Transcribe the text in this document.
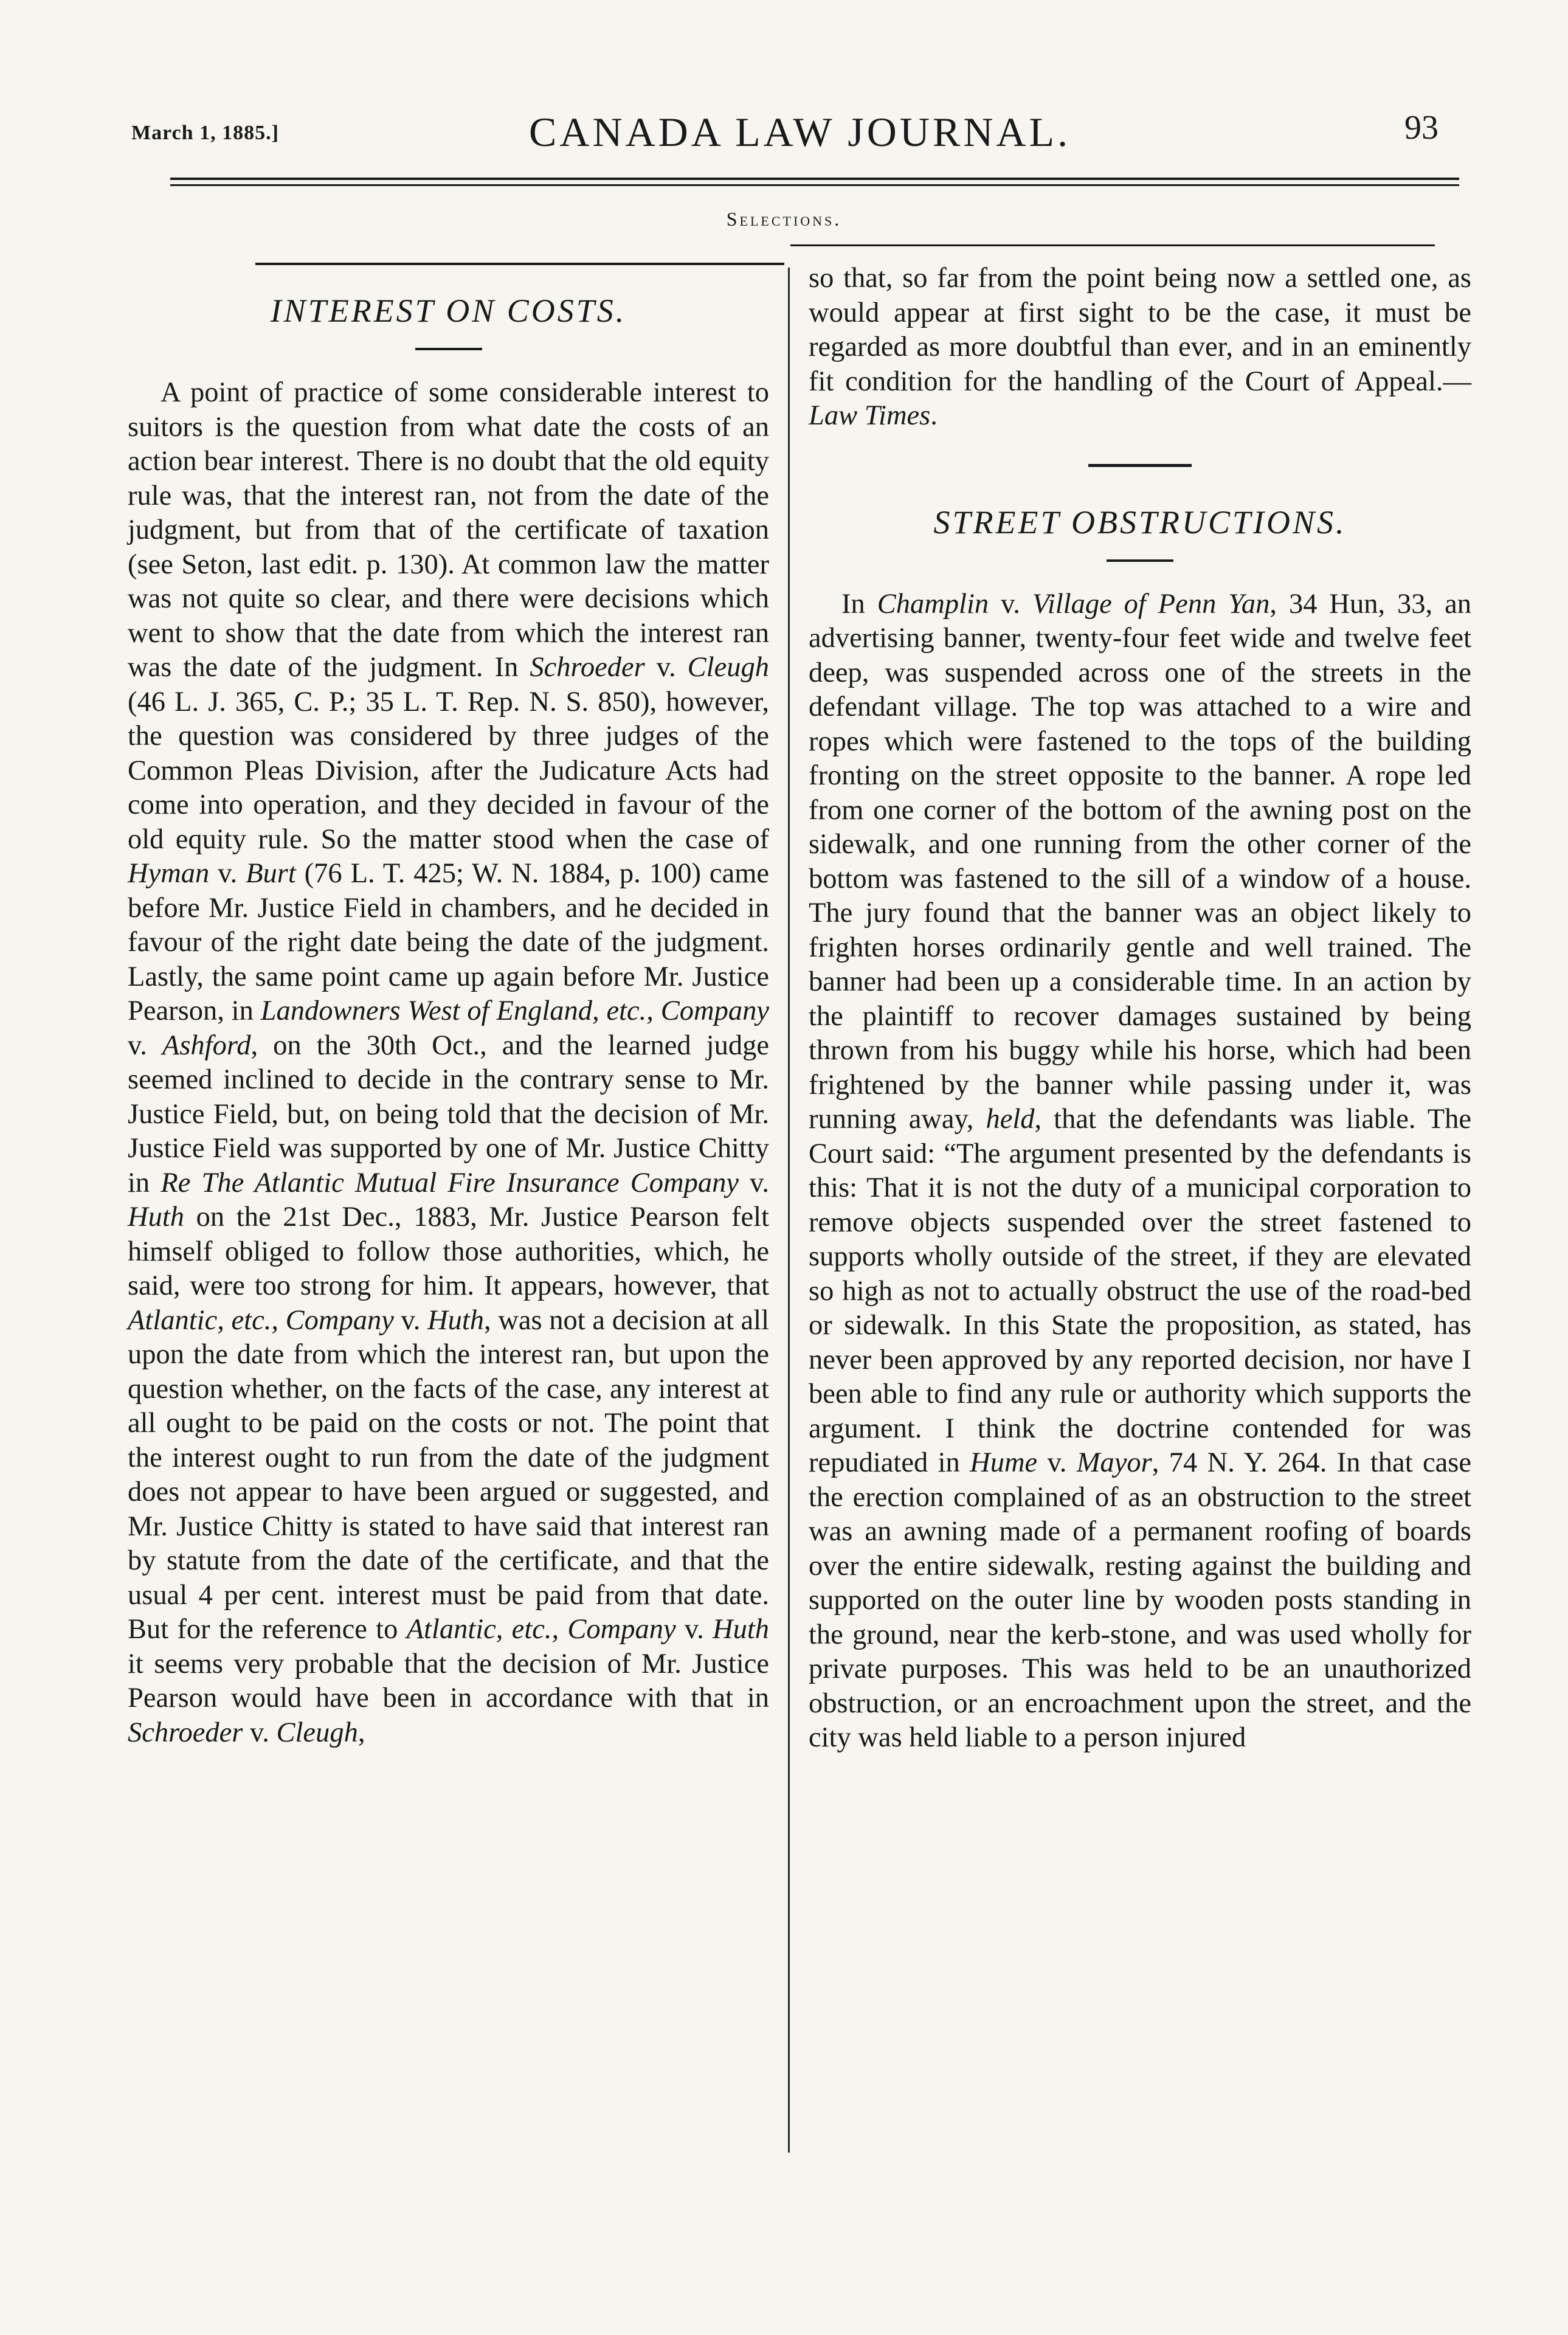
March 1, 1885.]	CANADA LAW JOURNAL.	93
Selections.
INTEREST ON COSTS.

A point of practice of some considerable interest to suitors is the question from what date the costs of an action bear interest. There is no doubt that the old equity rule was, that the interest ran, not from the date of the judgment, but from that of the certificate of taxation (see Seton, last edit. p. 130). At common law the matter was not quite so clear, and there were decisions which went to show that the date from which the interest ran was the date of the judgment. In Schroeder v. Cleugh (46 L. J. 365, C. P.; 35 L. T. Rep. N. S. 850), however, the question was considered by three judges of the Common Pleas Division, after the Judicature Acts had come into operation, and they decided in favour of the old equity rule. So the matter stood when the case of Hyman v. Burt (76 L. T. 425; W. N. 1884, p. 100) came before Mr. Justice Field in chambers, and he decided in favour of the right date being the date of the judgment. Lastly, the same point came up again before Mr. Justice Pearson, in Landowners West of England, etc., Company v. Ashford, on the 30th Oct., and the learned judge seemed inclined to decide in the contrary sense to Mr. Justice Field, but, on being told that the decision of Mr. Justice Field was supported by one of Mr. Justice Chitty in Re The Atlantic Mutual Fire Insurance Company v. Huth on the 21st Dec., 1883, Mr. Justice Pearson felt himself obliged to follow those authorities, which, he said, were too strong for him. It appears, however, that Atlantic, etc., Company v. Huth, was not a decision at all upon the date from which the interest ran, but upon the question whether, on the facts of the case, any interest at all ought to be paid on the costs or not. The point that the interest ought to run from the date of the judgment does not appear to have been argued or suggested, and Mr. Justice Chitty is stated to have said that interest ran by statute from the date of the certificate, and that the usual 4 per cent. interest must be paid from that date. But for the reference to Atlantic, etc., Company v. Huth it seems very probable that the decision of Mr. Justice Pearson would have been in accordance with that in Schroeder v. Cleugh,

so that, so far from the point being now a settled one, as would appear at first sight to be the case, it must be regarded as more doubtful than ever, and in an eminently fit condition for the handling of the Court of Appeal.—Law Times.

STREET OBSTRUCTIONS.

In Champlin v. Village of Penn Yan, 34 Hun, 33, an advertising banner, twenty-four feet wide and twelve feet deep, was suspended across one of the streets in the defendant village. The top was attached to a wire and ropes which were fastened to the tops of the building fronting on the street opposite to the banner. A rope led from one corner of the bottom of the awning post on the sidewalk, and one running from the other corner of the bottom was fastened to the sill of a window of a house. The jury found that the banner was an object likely to frighten horses ordinarily gentle and well trained. The banner had been up a considerable time. In an action by the plaintiff to recover damages sustained by being thrown from his buggy while his horse, which had been frightened by the banner while passing under it, was running away, held, that the defendants was liable. The Court said: “The argument presented by the defendants is this: That it is not the duty of a municipal corporation to remove objects suspended over the street fastened to supports wholly outside of the street, if they are elevated so high as not to actually obstruct the use of the road-bed or sidewalk. In this State the proposition, as stated, has never been approved by any reported decision, nor have I been able to find any rule or authority which supports the argument. I think the doctrine contended for was repudiated in Hume v. Mayor, 74 N. Y. 264. In that case the erection complained of as an obstruction to the street was an awning made of a permanent roofing of boards over the entire sidewalk, resting against the building and supported on the outer line by wooden posts standing in the ground, near the kerb-stone, and was used wholly for private purposes. This was held to be an unauthorized obstruction, or an encroachment upon the street, and the city was held liable to a person injured
